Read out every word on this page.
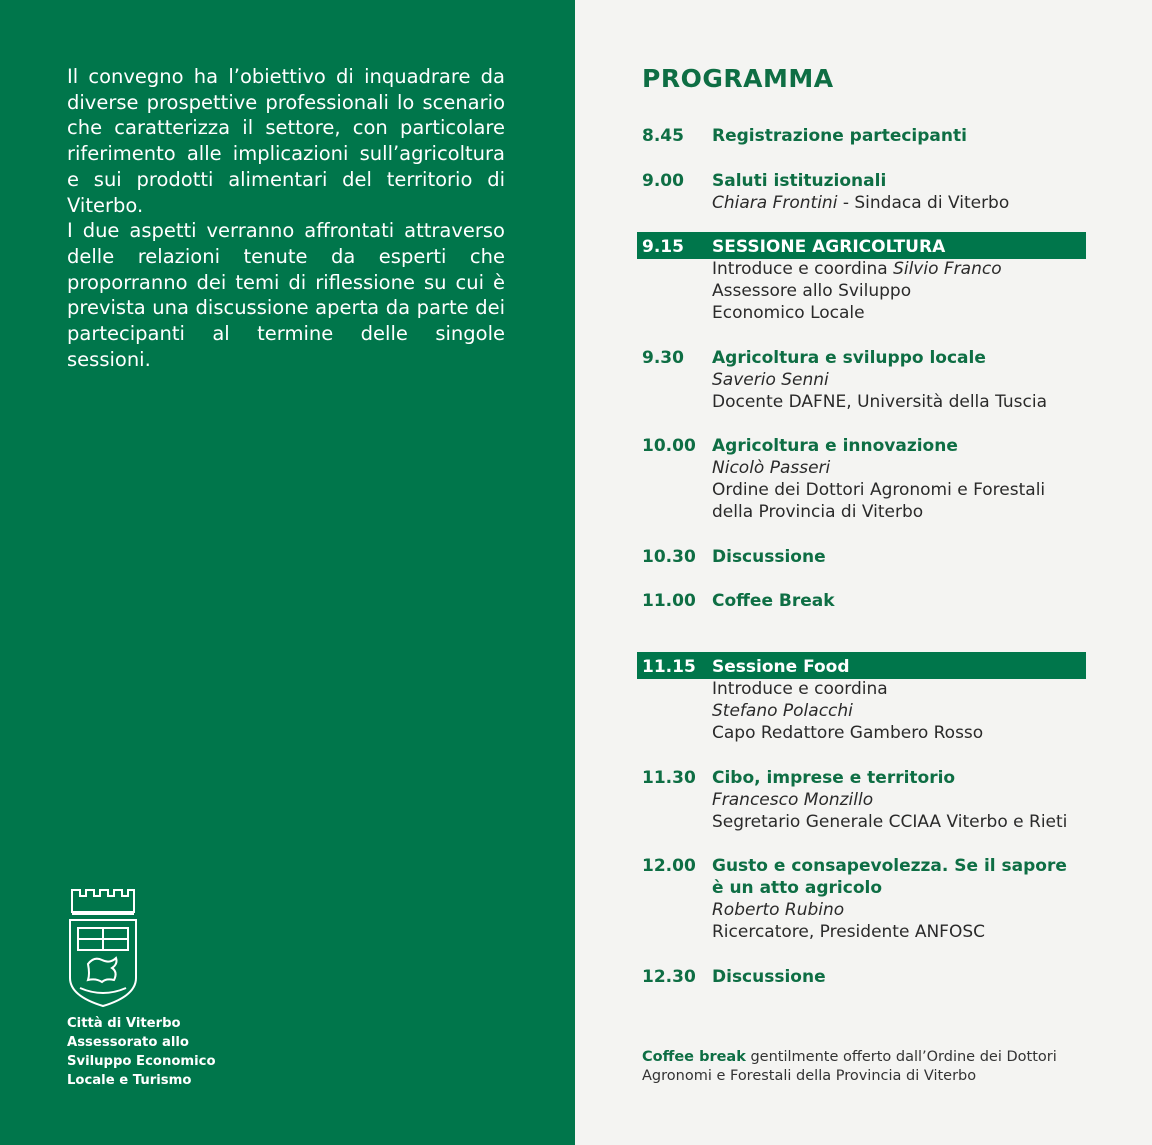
Il convegno ha l’obiettivo di inquadrare da diverse prospettive professionali lo scenario che caratterizza il settore, con particolare riferimento alle implicazioni sull’agricoltura e sui prodotti alimentari del territorio di Viterbo.

I due aspetti verranno affrontati attraverso delle relazioni tenute da esperti che proporranno dei temi di riflessione su cui è prevista una discussione aperta da parte dei partecipanti al termine delle singole sessioni.

Città di Viterbo
Assessorato allo
Sviluppo Economico
Locale e Turismo
PROGRAMMA
8.45	Registrazione partecipanti
9.00	Saluti istituzionali
Chiara Frontini - Sindaca di Viterbo
9.15	SESSIONE AGRICOLTURA
Introduce e coordina Silvio Franco
Assessore allo Sviluppo
Economico Locale
9.30	Agricoltura e sviluppo locale
Saverio Senni
Docente DAFNE, Università della Tuscia
10.00 Agricoltura e innovazione
Nicolò Passeri
Ordine dei Dottori Agronomi e Forestali
della Provincia di Viterbo
10.30 Discussione
11.00 Coffee Break
11.15 Sessione Food
Introduce e coordina
Stefano Polacchi
Capo Redattore Gambero Rosso
11.30 Cibo, imprese e territorio
Francesco Monzillo
Segretario Generale CCIAA Viterbo e Rieti
12.00 Gusto e consapevolezza. Se il sapore è un atto agricolo
Roberto Rubino
Ricercatore, Presidente ANFOSC
12.30 Discussione

Coffee break gentilmente offerto dall’Ordine dei Dottori Agronomi e Forestali della Provincia di Viterbo
